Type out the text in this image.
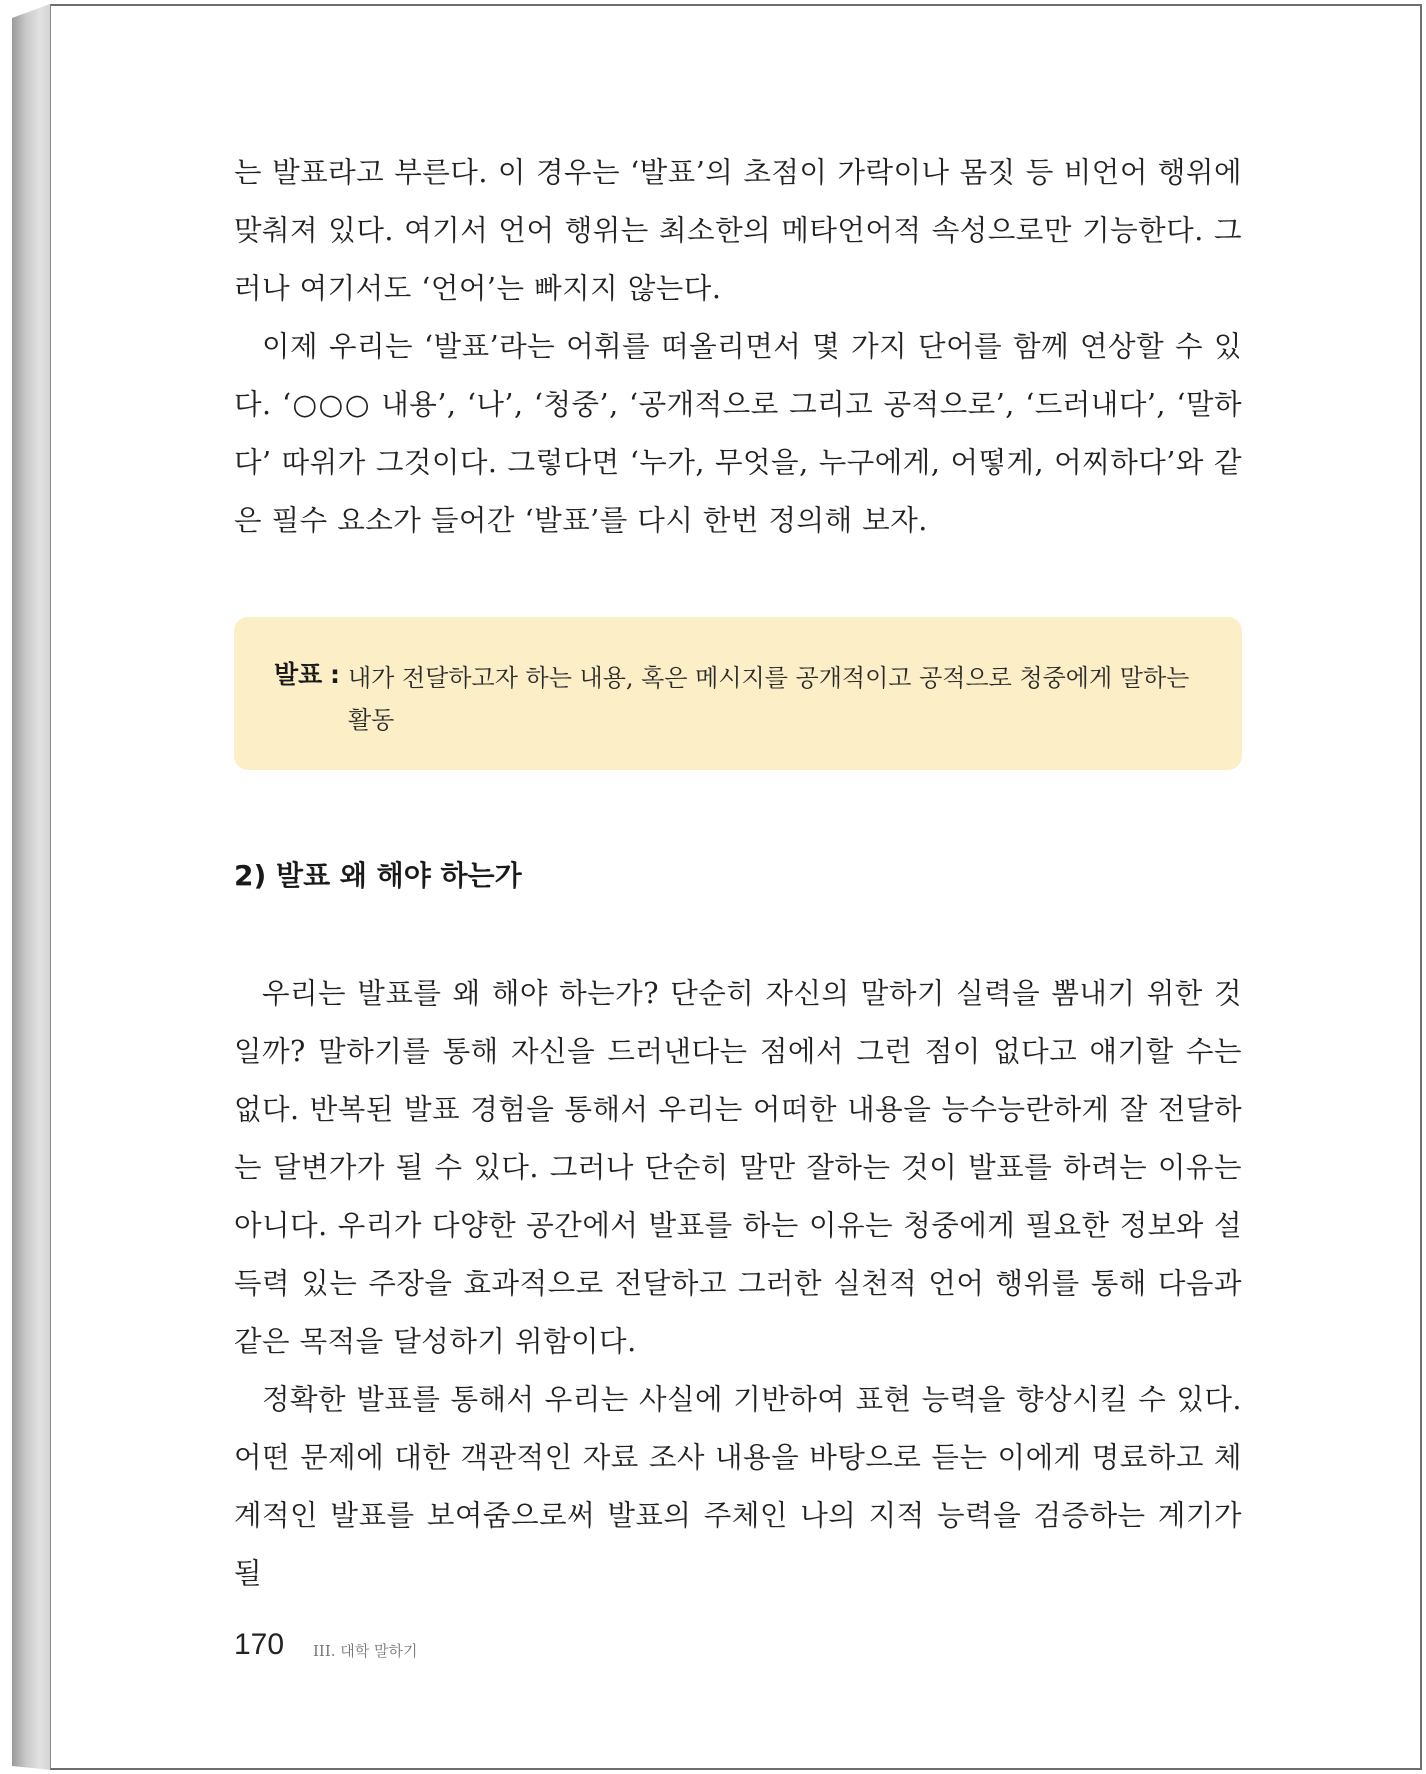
는 발표라고 부른다. 이 경우는 ‘발표’의 초점이 가락이나 몸짓 등 비언어 행위에 맞춰져 있다. 여기서 언어 행위는 최소한의 메타언어적 속성으로만 기능한다. 그러나 여기서도 ‘언어’는 빠지지 않는다.

이제 우리는 ‘발표’라는 어휘를 떠올리면서 몇 가지 단어를 함께 연상할 수 있다. ‘○○○ 내용’, ‘나’, ‘청중’, ‘공개적으로 그리고 공적으로’, ‘드러내다’, ‘말하다’ 따위가 그것이다. 그렇다면 ‘누가, 무엇을, 누구에게, 어떻게, 어찌하다’와 같은 필수 요소가 들어간 ‘발표’를 다시 한번 정의해 보자.

발표 : 내가 전달하고자 하는 내용, 혹은 메시지를 공개적이고 공적으로 청중에게 말하는 활동
2) 발표 왜 해야 하는가

우리는 발표를 왜 해야 하는가? 단순히 자신의 말하기 실력을 뽐내기 위한 것일까? 말하기를 통해 자신을 드러낸다는 점에서 그런 점이 없다고 얘기할 수는 없다. 반복된 발표 경험을 통해서 우리는 어떠한 내용을 능수능란하게 잘 전달하는 달변가가 될 수 있다. 그러나 단순히 말만 잘하는 것이 발표를 하려는 이유는 아니다. 우리가 다양한 공간에서 발표를 하는 이유는 청중에게 필요한 정보와 설득력 있는 주장을 효과적으로 전달하고 그러한 실천적 언어 행위를 통해 다음과 같은 목적을 달성하기 위함이다.

정확한 발표를 통해서 우리는 사실에 기반하여 표현 능력을 향상시킬 수 있다. 어떤 문제에 대한 객관적인 자료 조사 내용을 바탕으로 듣는 이에게 명료하고 체계적인 발표를 보여줌으로써 발표의 주체인 나의 지적 능력을 검증하는 계기가 될

170 III. 대학 말하기
